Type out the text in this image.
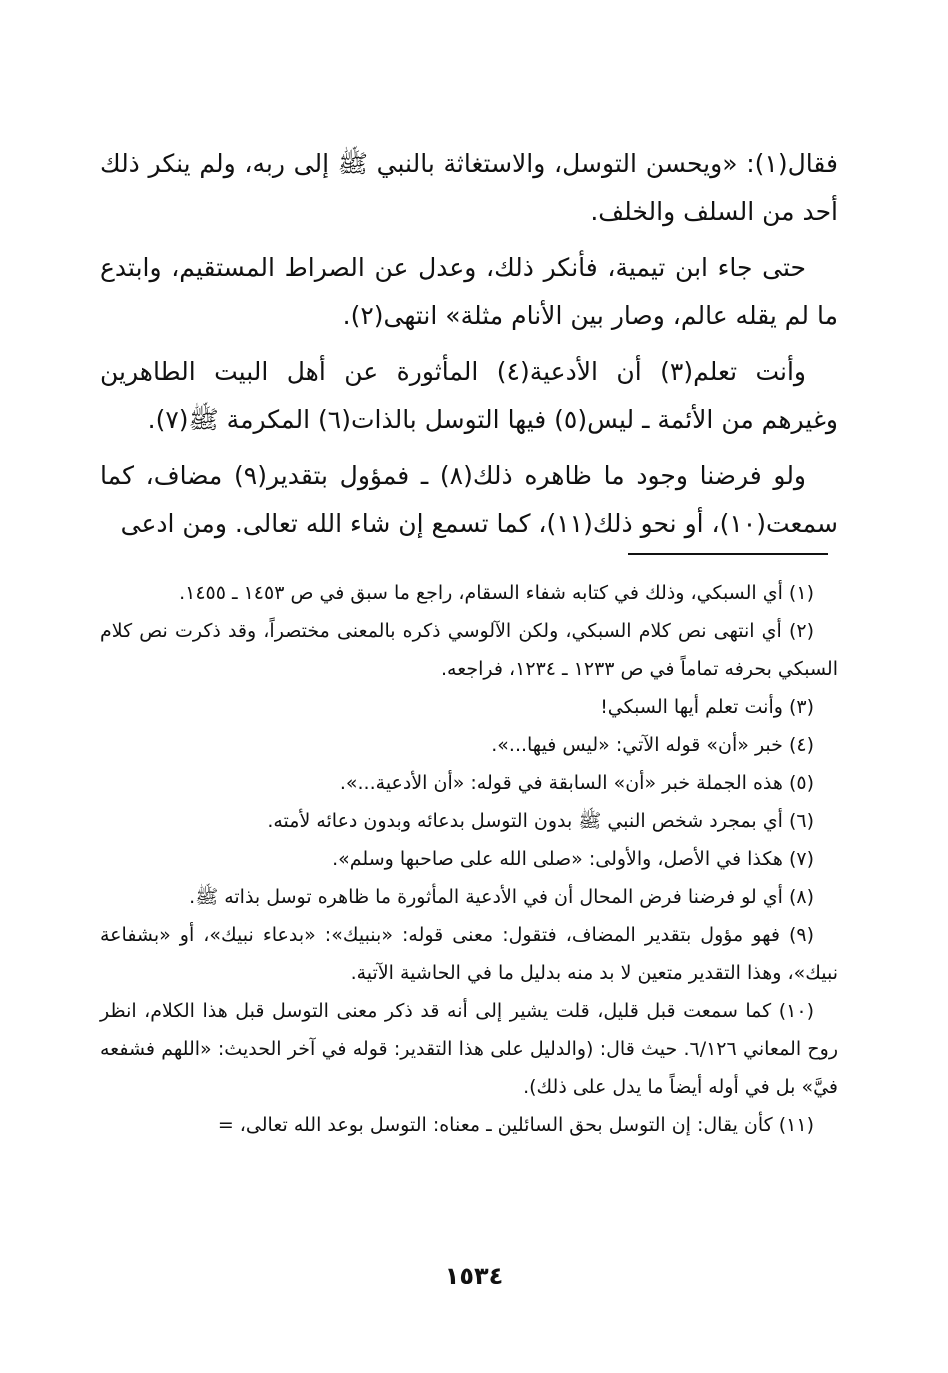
فقال(١): «ويحسن التوسل، والاستغاثة بالنبي ﷺ إلى ربه، ولم ينكر ذلك أحد من السلف والخلف.

حتى جاء ابن تيمية، فأنكر ذلك، وعدل عن الصراط المستقيم، وابتدع ما لم يقله عالم، وصار بين الأنام مثلة» انتهى(٢).

وأنت تعلم(٣) أن الأدعية(٤) المأثورة عن أهل البيت الطاهرين وغيرهم من الأئمة ـ ليس(٥) فيها التوسل بالذات(٦) المكرمة ﷺ(٧).

ولو فرضنا وجود ما ظاهره ذلك(٨) ـ فمؤول بتقدير(٩) مضاف، كما سمعت(١٠)، أو نحو ذلك(١١)، كما تسمع إن شاء الله تعالى. ومن ادعى

(١) أي السبكي، وذلك في كتابه شفاء السقام، راجع ما سبق في ص ١٤٥٣ ـ ١٤٥٥.

(٢) أي انتهى نص كلام السبكي، ولكن الآلوسي ذكره بالمعنى مختصراً، وقد ذكرت نص كلام السبكي بحرفه تماماً في ص ١٢٣٣ ـ ١٢٣٤، فراجعه.

(٣) وأنت تعلم أيها السبكي!

(٤) خبر «أن» قوله الآتي: «ليس فيها...».

(٥) هذه الجملة خبر «أن» السابقة في قوله: «أن الأدعية...».

(٦) أي بمجرد شخص النبي ﷺ بدون التوسل بدعائه وبدون دعائه لأمته.

(٧) هكذا في الأصل، والأولى: «صلى الله على صاحبها وسلم».

(٨) أي لو فرضنا فرض المحال أن في الأدعية المأثورة ما ظاهره توسل بذاته ﷺ.

(٩) فهو مؤول بتقدير المضاف، فتقول: معنى قوله: «بنبيك»: «بدعاء نبيك»، أو «بشفاعة نبيك»، وهذا التقدير متعين لا بد منه بدليل ما في الحاشية الآتية.

(١٠) كما سمعت قبل قليل، قلت يشير إلى أنه قد ذكر معنى التوسل قبل هذا الكلام، انظر روح المعاني ٦/١٢٦. حيث قال: (والدليل على هذا التقدير: قوله في آخر الحديث: «اللهم فشفعه فيَّ» بل في أوله أيضاً ما يدل على ذلك).

(١١) كأن يقال: إن التوسل بحق السائلين ـ معناه: التوسل بوعد الله تعالى، =

١٥٣٤
